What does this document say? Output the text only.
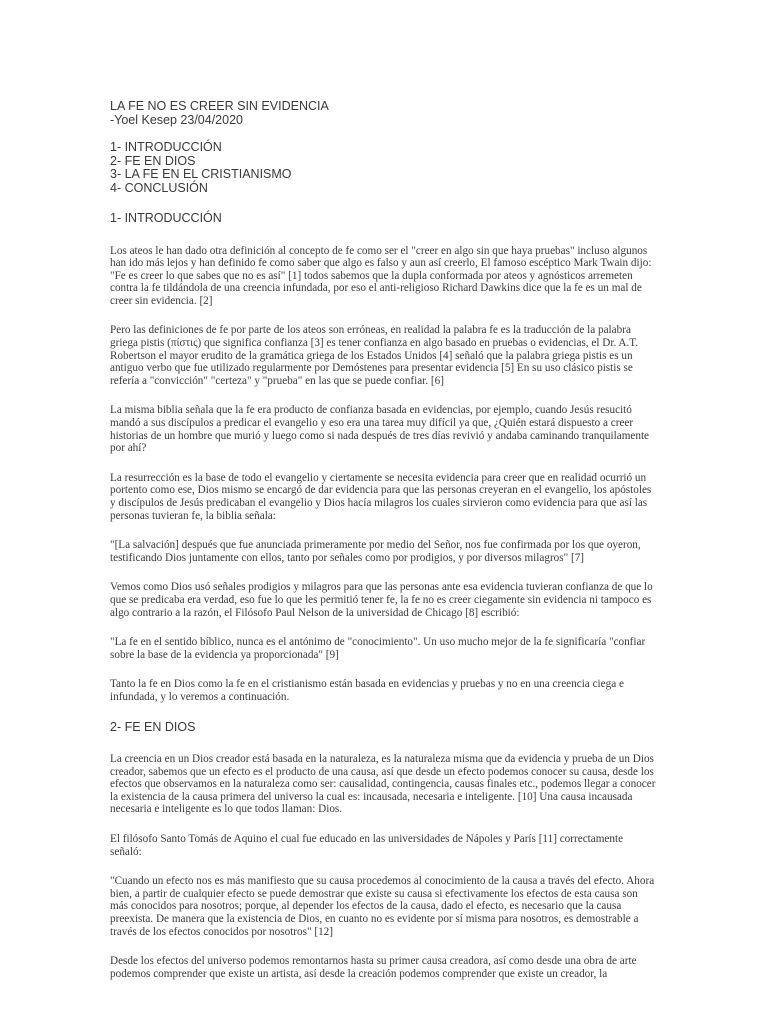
LA FE NO ES CREER SIN EVIDENCIA
-Yoel Kesep 23/04/2020
1- INTRODUCCIÓN
2- FE EN DIOS
3- LA FE EN EL CRISTIANISMO
4- CONCLUSIÓN
1- INTRODUCCIÓN

Los ateos le han dado otra definición al concepto de fe como ser el "creer en algo sin que haya pruebas" incluso algunos han ido más lejos y han definido fe como saber que algo es falso y aun así creerlo, El famoso escéptico Mark Twain dijo: "Fe es creer lo que sabes que no es así" [1] todos sabemos que la dupla conformada por ateos y agnósticos arremeten contra la fe tildándola de una creencia infundada, por eso el anti-religioso Richard Dawkins dice que la fe es un mal de creer sin evidencia. [2]

Pero las definiciones de fe por parte de los ateos son erróneas, en realidad la palabra fe es la traducción de la palabra griega pistis (πίστις) que significa confianza [3] es tener confianza en algo basado en pruebas o evidencias, el Dr. A.T. Robertson el mayor erudito de la gramática griega de los Estados Unidos [4] señaló que la palabra griega pistis es un antiguo verbo que fue utilizado regularmente por Demóstenes para presentar evidencia [5] En su uso clásico pistis se refería a "convicción" "certeza" y "prueba" en las que se puede confiar. [6]

La misma biblia señala que la fe era producto de confianza basada en evidencias, por ejemplo, cuando Jesús resucitó mandó a sus discípulos a predicar el evangelio y eso era una tarea muy difícil ya que, ¿Quién estará dispuesto a creer historias de un hombre que murió y luego como si nada después de tres días revivió y andaba caminando tranquilamente por ahí?

La resurrección es la base de todo el evangelio y ciertamente se necesita evidencia para creer que en realidad ocurrió un portento como ese, Dios mismo se encargó de dar evidencia para que las personas creyeran en el evangelio, los apóstoles y discípulos de Jesús predicaban el evangelio y Dios hacía milagros los cuales sirvieron como evidencia para que así las personas tuvieran fe, la biblia señala:

"[La salvación] después que fue anunciada primeramente por medio del Señor, nos fue confirmada por los que oyeron, testificando Dios juntamente con ellos, tanto por señales como por prodigios, y por diversos milagros" [7]

Vemos como Dios usó señales prodigios y milagros para que las personas ante esa evidencia tuvieran confianza de que lo que se predicaba era verdad, eso fue lo que les permitió tener fe, la fe no es creer ciegamente sin evidencia ni tampoco es algo contrario a la razón, el Filósofo Paul Nelson de la universidad de Chicago [8] escribió:

"La fe en el sentido bíblico, nunca es el antónimo de "conocimiento". Un uso mucho mejor de la fe significaría "confiar sobre la base de la evidencia ya proporcionada" [9]

Tanto la fe en Dios como la fe en el cristianismo están basada en evidencias y pruebas y no en una creencia ciega e infundada, y lo veremos a continuación.

2- FE EN DIOS

La creencia en un Dios creador está basada en la naturaleza, es la naturaleza misma que da evidencia y prueba de un Dios creador, sabemos que un efecto es el producto de una causa, así que desde un efecto podemos conocer su causa, desde los efectos que observamos en la naturaleza como ser: causalidad, contingencia, causas finales etc., podemos llegar a conocer la existencia de la causa primera del universo la cual es: incausada, necesaria e inteligente. [10] Una causa incausada necesaria e inteligente es lo que todos llaman: Dios.

El filósofo Santo Tomás de Aquino el cual fue educado en las universidades de Nápoles y París [11] correctamente señaló:

"Cuando un efecto nos es más manifiesto que su causa procedemos al conocimiento de la causa a través del efecto. Ahora bien, a partir de cualquier efecto se puede demostrar que existe su causa si efectivamente los efectos de esta causa son más conocidos para nosotros; porque, al depender los efectos de la causa, dado el efecto, es necesario que la causa preexista. De manera que la existencia de Dios, en cuanto no es evidente por sí misma para nosotros, es demostrable a través de los efectos conocidos por nosotros" [12]

Desde los efectos del universo podemos remontarnos hasta su primer causa creadora, así como desde una obra de arte podemos comprender que existe un artista, así desde la creación podemos comprender que existe un creador, la
